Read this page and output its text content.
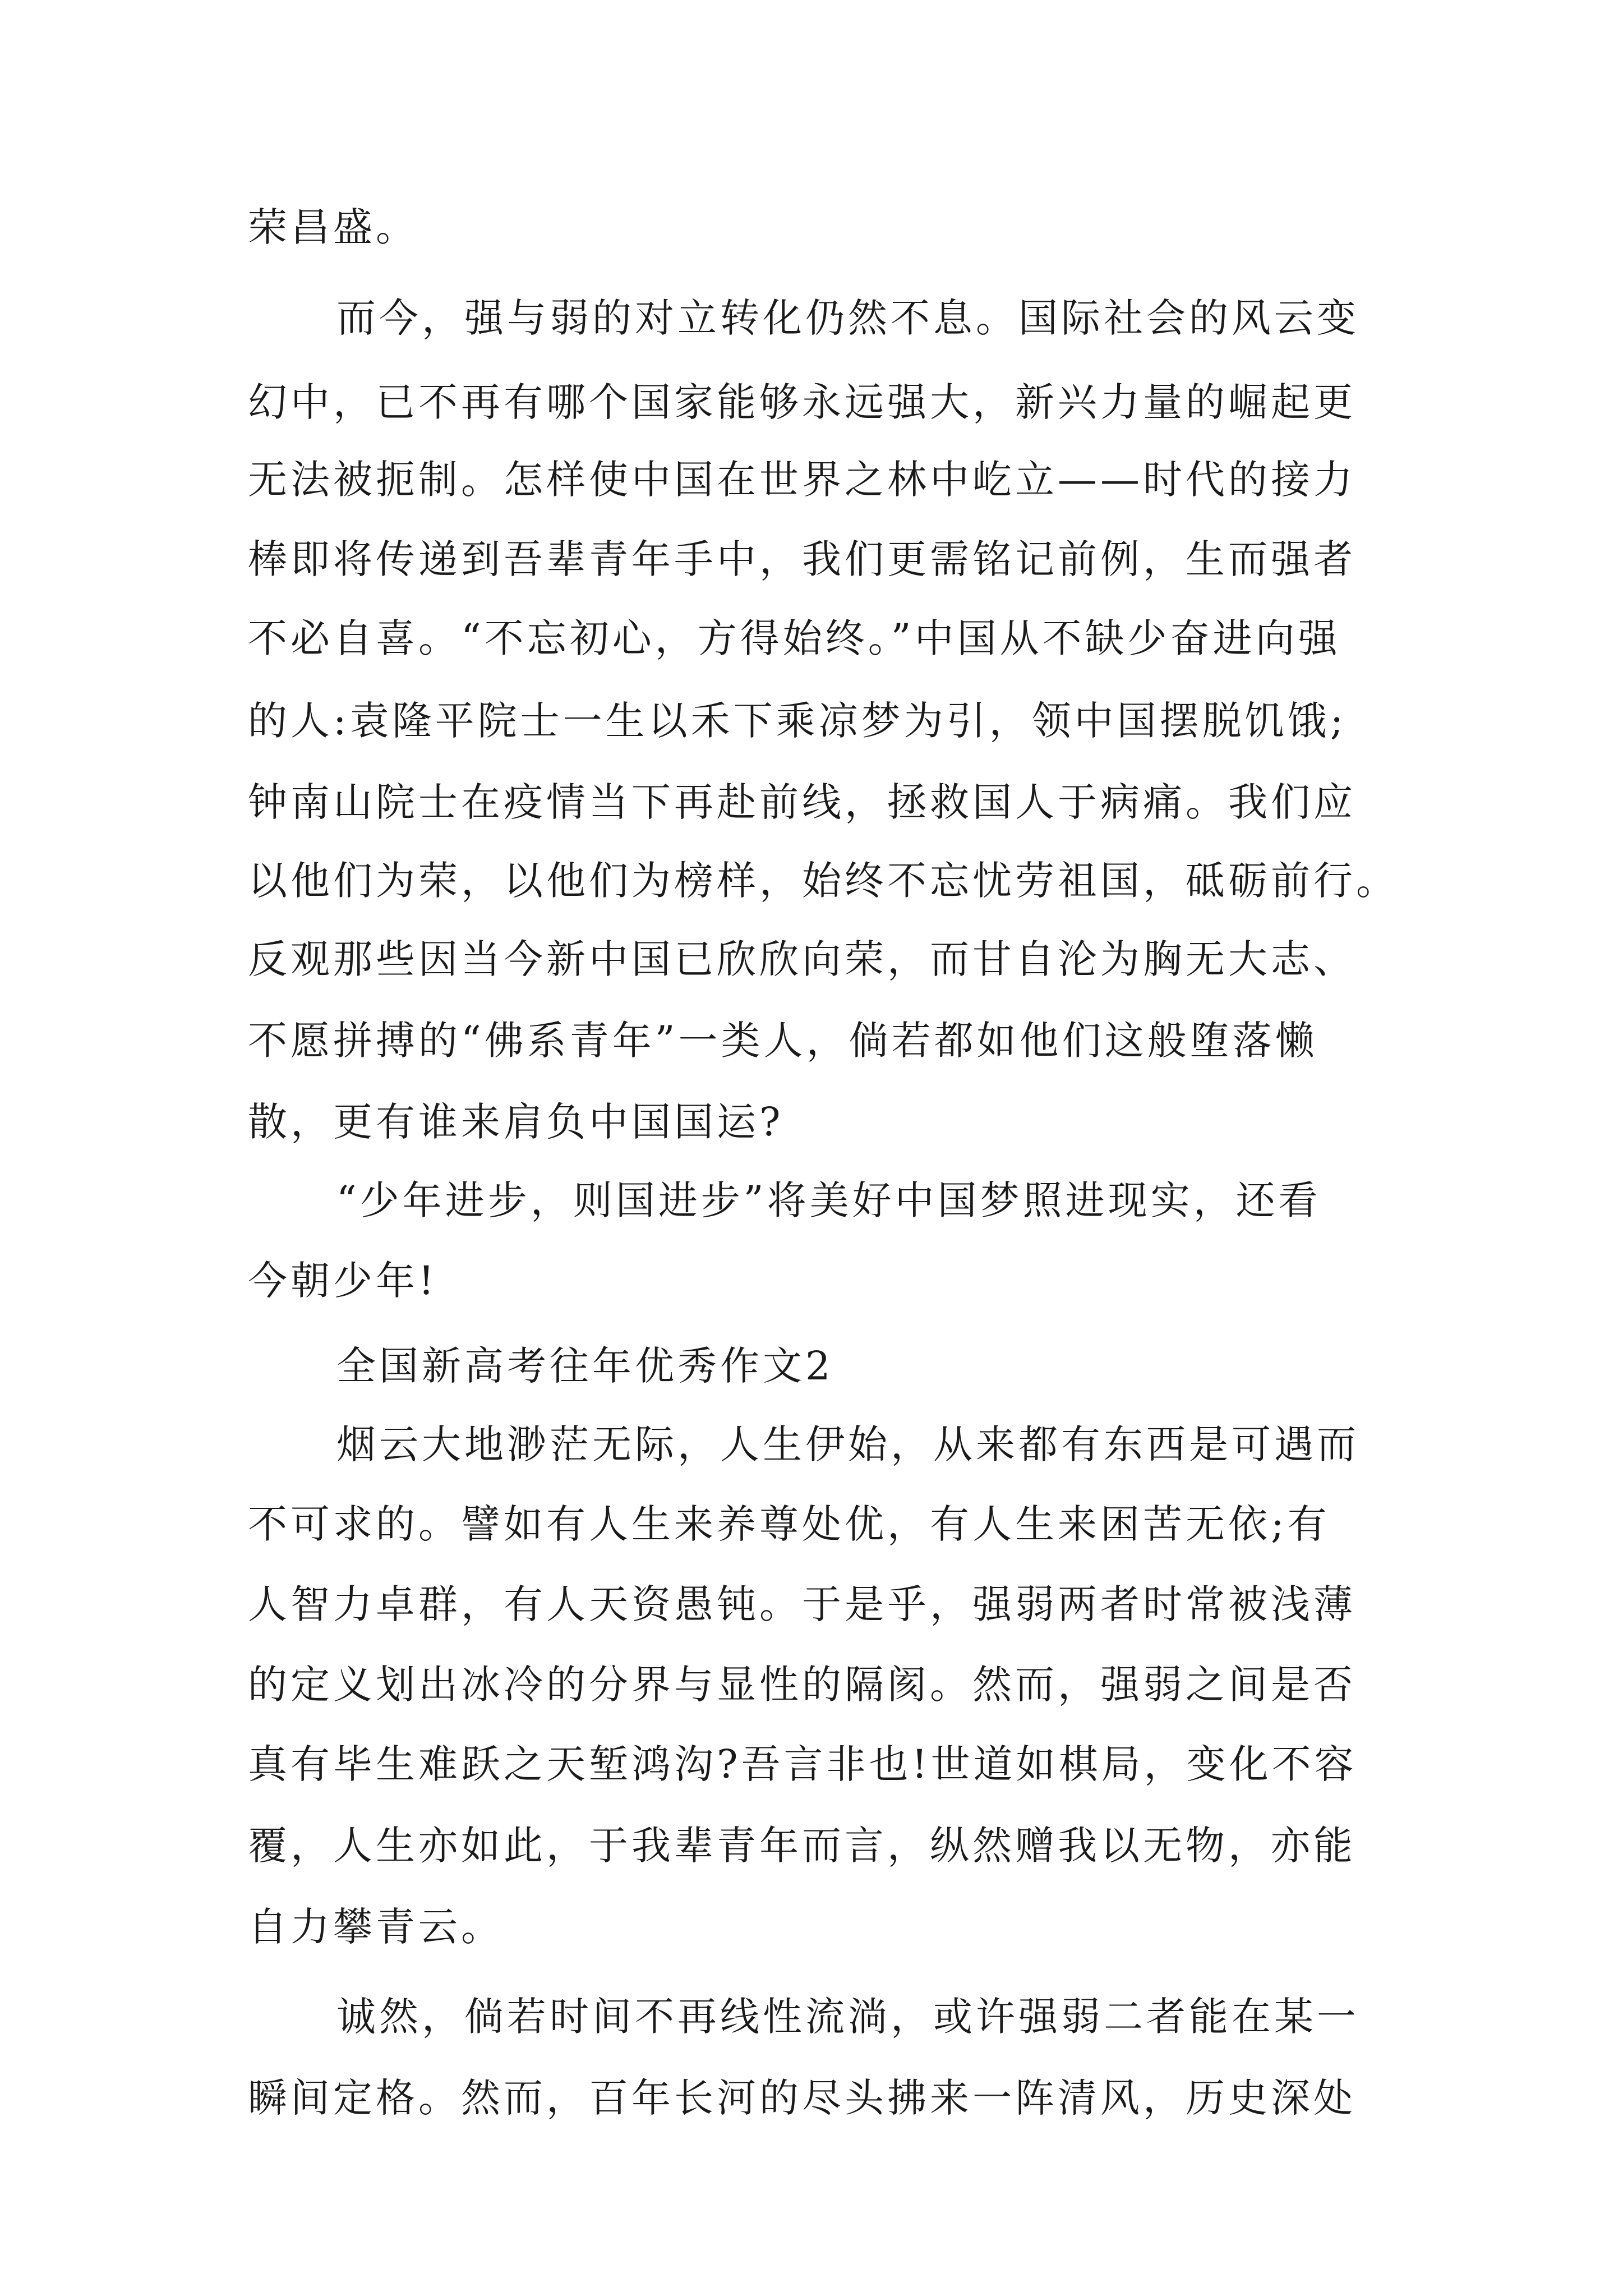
荣昌盛。
而今，强与弱的对立转化仍然不息。国际社会的风云变
幻中，已不再有哪个国家能够永远强大，新兴力量的崛起更
无法被扼制。怎样使中国在世界之林中屹立——时代的接力
棒即将传递到吾辈青年手中，我们更需铭记前例，生而强者
不必自喜。“不忘初心，方得始终。”中国从不缺少奋进向强
的人:袁隆平院士一生以禾下乘凉梦为引，领中国摆脱饥饿;
钟南山院士在疫情当下再赴前线，拯救国人于病痛。我们应
以他们为荣，以他们为榜样，始终不忘忧劳祖国，砥砺前行。
反观那些因当今新中国已欣欣向荣，而甘自沦为胸无大志、
不愿拼搏的“佛系青年”一类人，倘若都如他们这般堕落懒
散，更有谁来肩负中国国运?
“少年进步，则国进步”将美好中国梦照进现实，还看
今朝少年!
全国新高考往年优秀作文2
烟云大地渺茫无际，人生伊始，从来都有东西是可遇而
不可求的。譬如有人生来养尊处优，有人生来困苦无依;有
人智力卓群，有人天资愚钝。于是乎，强弱两者时常被浅薄
的定义划出冰冷的分界与显性的隔阂。然而，强弱之间是否
真有毕生难跃之天堑鸿沟?吾言非也!世道如棋局，变化不容
覆，人生亦如此，于我辈青年而言，纵然赠我以无物，亦能
自力攀青云。
诚然，倘若时间不再线性流淌，或许强弱二者能在某一
瞬间定格。然而，百年长河的尽头拂来一阵清风，历史深处
